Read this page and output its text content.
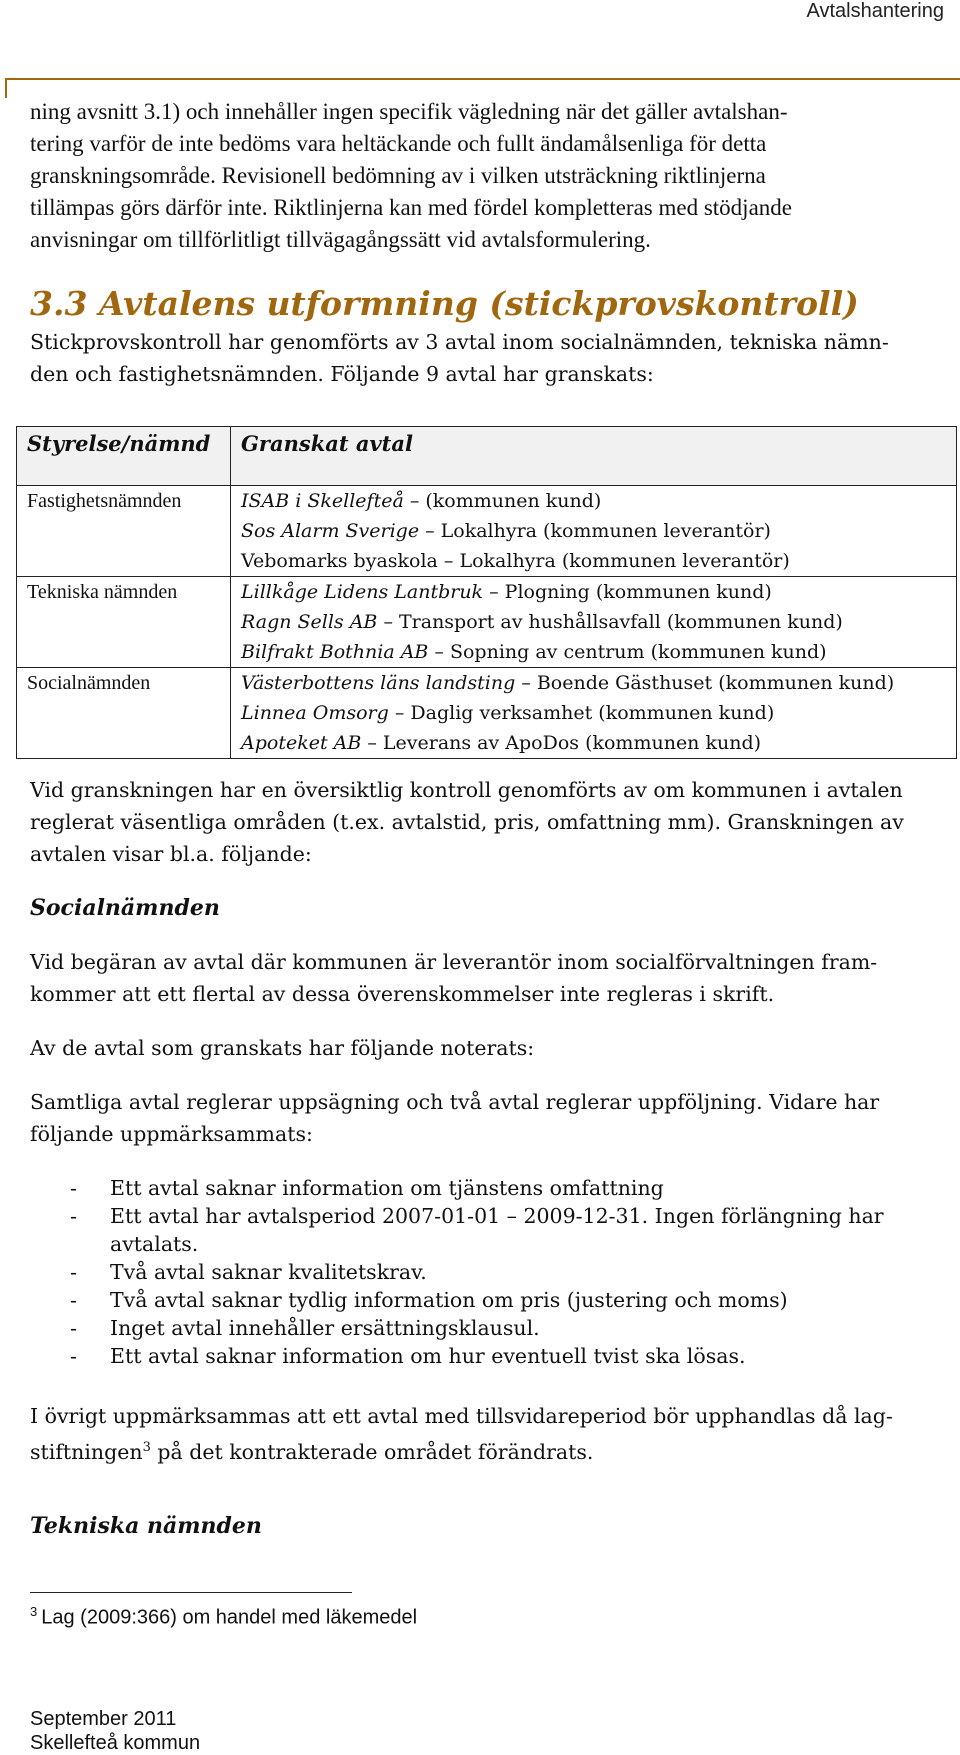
Avtalshantering

ning avsnitt 3.1) och innehåller ingen specifik vägledning när det gäller avtalshan-

tering varför de inte bedöms vara heltäckande och fullt ändamålsenliga för detta

granskningsområde. Revisionell bedömning av i vilken utsträckning riktlinjerna

tillämpas görs därför inte. Riktlinjerna kan med fördel kompletteras med stödjande

anvisningar om tillförlitligt tillvägagångssätt vid avtalsformulering.

3.3 Avtalens utformning (stickprovskontroll)

Stickprovskontroll har genomförts av 3 avtal inom socialnämnden, tekniska nämn-

den och fastighetsnämnden. Följande 9 avtal har granskats:

Styrelse/nämnd	Granskat avtal
Fastighetsnämnden	ISAB i Skellefteå – (kommunen kund)
	Sos Alarm Sverige – Lokalhyra (kommunen leverantör)
	Vebomarks byaskola – Lokalhyra (kommunen leverantör)
Tekniska nämnden	Lillkåge Lidens Lantbruk – Plogning (kommunen kund)
	Ragn Sells AB – Transport av hushållsavfall (kommunen kund)
	Bilfrakt Bothnia AB – Sopning av centrum (kommunen kund)
Socialnämnden	Västerbottens läns landsting – Boende Gästhuset (kommunen kund)
	Linnea Omsorg – Daglig verksamhet (kommunen kund)
	Apoteket AB – Leverans av ApoDos (kommunen kund)

Vid granskningen har en översiktlig kontroll genomförts av om kommunen i avtalen

reglerat väsentliga områden (t.ex. avtalstid, pris, omfattning mm). Granskningen av

avtalen visar bl.a. följande:

Socialnämnden

Vid begäran av avtal där kommunen är leverantör inom socialförvaltningen fram-

kommer att ett flertal av dessa överenskommelser inte regleras i skrift.

Av de avtal som granskats har följande noterats:

Samtliga avtal reglerar uppsägning och två avtal reglerar uppföljning. Vidare har

följande uppmärksammats:

- Ett avtal saknar information om tjänstens omfattning
- Ett avtal har avtalsperiod 2007-01-01 – 2009-12-31. Ingen förlängning har
avtalats.
- Två avtal saknar kvalitetskrav.
- Två avtal saknar tydlig information om pris (justering och moms)
- Inget avtal innehåller ersättningsklausul.
- Ett avtal saknar information om hur eventuell tvist ska lösas.

I övrigt uppmärksammas att ett avtal med tillsvidareperiod bör upphandlas då lag-

stiftningen$^3$ på det kontrakterade området förändrats.

Tekniska nämnden
$^3$ Lag (2009:366) om handel med läkemedel
September 2011
Skellefteå kommun
